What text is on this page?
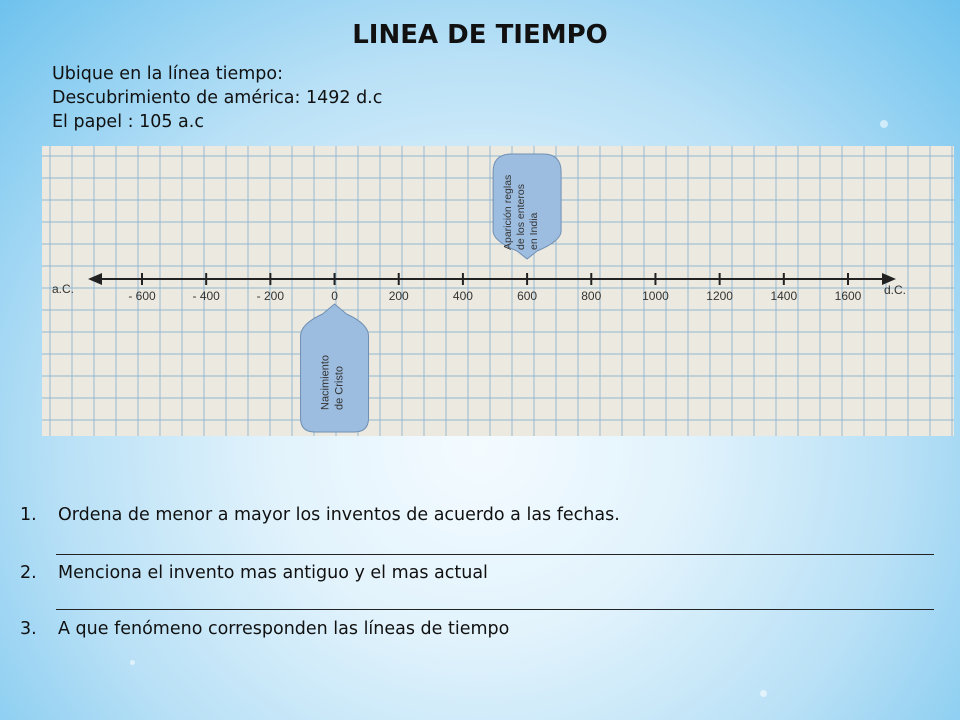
LINEA DE TIEMPO
Ubique en la línea tiempo:
Descubrimiento de américa: 1492 d.c
El papel : 105 a.c
a.C.	d.C.
- 600	- 400	- 200	0	200	400	600	800	1000	1200	1400	1600
Aparición reglasde los enterosen India
Nacimiento de Cristo
1. Ordena de menor a mayor los inventos de acuerdo a las fechas.
2. Menciona el invento mas antiguo y el mas actual
3. A que fenómeno corresponden las líneas de tiempo
